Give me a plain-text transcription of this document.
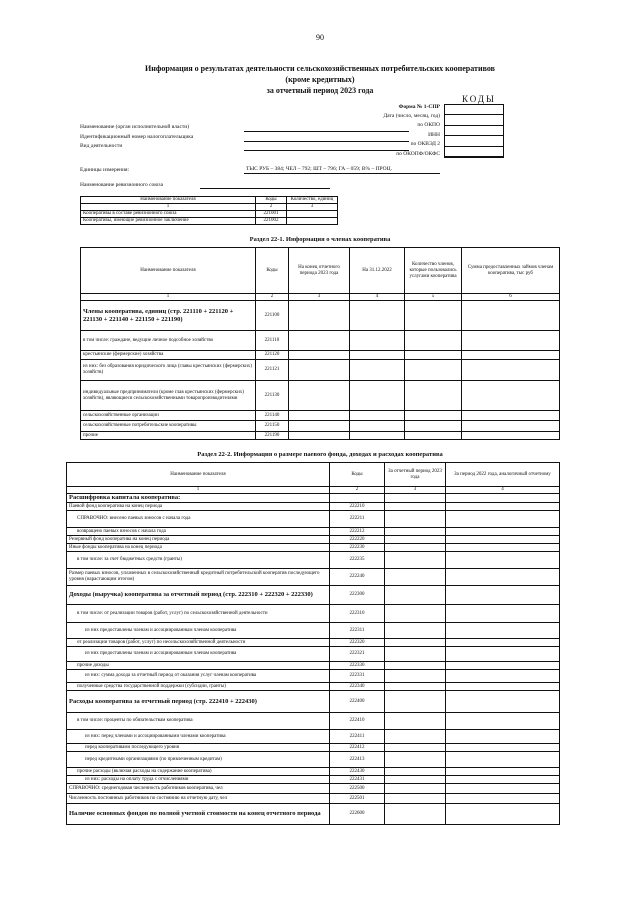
90
Информация о результатах деятельности сельскохозяйственных потребительских кооперативов
(кроме кредитных)
за отчетный период 2023 года
КОДЫ
Форма № 1-СПР
Дата (число, месяц, год)
по ОКПО
ИНН
по ОКВЭД 2
по ОКОПФ/ОКФС
Наименование (орган исполнительной власти)
Идентификационный номер налогоплательщика
Вид деятельности
Единицы измерения:	ТЫС РУБ – 384; ЧЕЛ – 792; ШТ – 796; ГА – 059; В% – ПРОЦ.
Наименование ревизионного союза
Наименование показателя	Коды	Количество, единиц
1	2	3
Кооперативы в составе ревизионного союза	221001	
Кооперативы, имеющие ревизионное заключение	221002	
Раздел 22-1. Информация о членах кооператива
Наименование показателя	Коды	На конец отчетного периода 2023 года	На 31.12.2022	Количество членов, которые пользовались услугами кооператива	Сумма предоставленных займов членам кооператива, тыс руб
1	2	3	4	5	6
Члены кооператива, единиц (стр. 221110 + 221120 + 221130 + 221140 + 221150 + 221190)	221100				
в том числе: граждане, ведущие личное подсобное хозяйство	221110				
крестьянские (фермерские) хозяйства	221120				
из них: без образования юридического лица (главы крестьянских (фермерских) хозяйств)	221121				
индивидуальные предприниматели (кроме глав крестьянских (фермерских) хозяйств), являющиеся сельскохозяйственными товаропроизводителями	221130				
сельскохозяйственные организации	221140				
сельскохозяйственные потребительские кооперативы	221150				
прочие	221190				
Раздел 22-2. Информация о размере паевого фонда, доходах и расходах кооператива
Наименование показателя	Коды	За отчетный период 2023 года	За период 2022 года, аналогичный отчетному
1	2	3	4
Расшифровка капитала кооператива:			
Паевой фонд кооператива на конец периода	222210		
СПРАВОЧНО: внесено паевых взносов с начала года	222211		
возвращено паевых взносов с начала года	222212		
Резервный фонд кооператива на конец периода	222220		
Иные фонды кооператива на конец периода	222230		
в том числе: за счет бюджетных средств (гранты)	222235		
Размер паевых взносов, уплаченных в сельскохозяйственный кредитный потребительский кооператив последующего уровня (нарастающим итогом)	222240		
Доходы (выручка) кооператива за отчетный период (стр. 222310 + 222320 + 222330)	222300		
в том числе: от реализации товаров (работ, услуг) по сельскохозяйственной деятельности	222310		
из них предоставлены членам и ассоциированным членам кооператива	222311		
от реализации товаров (работ, услуг) по несельскохозяйственной деятельности	222320		
из них предоставлены членам и ассоциированным членам кооператива	222321		
прочие доходы	222330		
из них: сумма дохода за отчетный период от оказания услуг членам кооператива	222331		
полученные средства государственной поддержки (субсидии, гранты)	222340		
Расходы кооператива за отчетный период (стр. 222410 + 222430)	222400		
в том числе: проценты по обязательствам кооператива	222410		
из них: перед членами и ассоциированными членами кооператива	222411		
перед кооперативами последующего уровня	222412		
перед кредитными организациями (по привлеченным кредитам)	222413		
прочие расходы (включая расходы на содержание кооператива)	222430		
из них: расходы на оплату труда с отчислениями	222431		
СПРАВОЧНО: среднегодовая численность работников кооператива, чел	222500		
Численность постоянных работников по состоянию на отчетную дату, чел	222501		
Наличие основных фондов по полной учетной стоимости на конец отчетного периода	222600		
